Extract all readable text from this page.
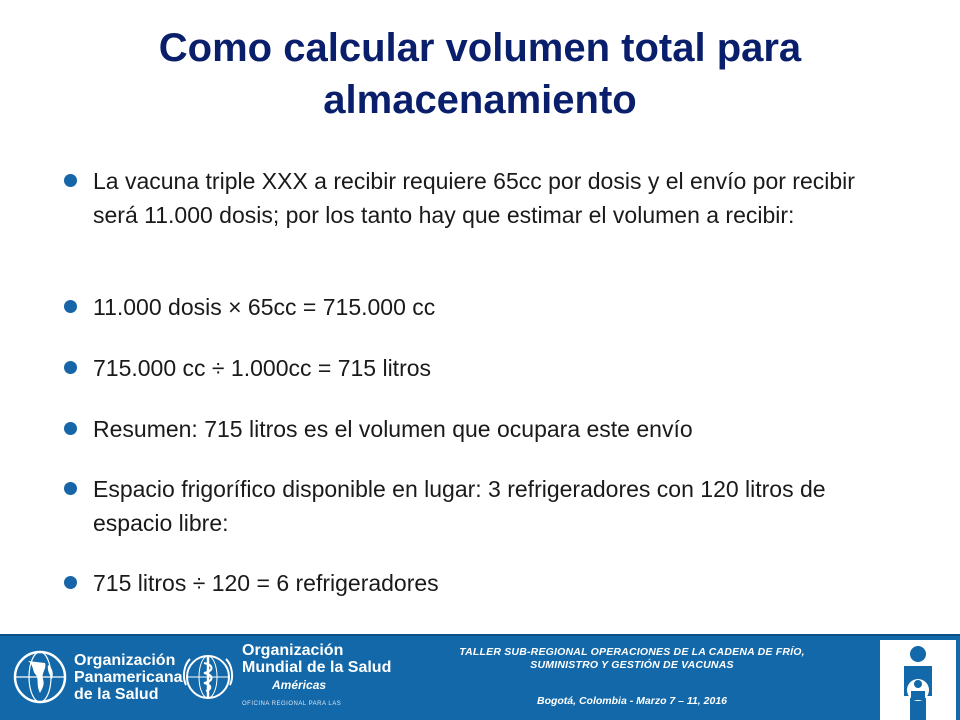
Como calcular volumen total para almacenamiento
La vacuna triple XXX a recibir requiere 65cc por dosis y el envío por recibir será 11.000 dosis; por los tanto hay que estimar el volumen a recibir:
11.000 dosis × 65cc = 715.000 cc
715.000 cc ÷ 1.000cc = 715 litros
Resumen: 715 litros es el volumen que ocupara este envío
Espacio frigorífico disponible en lugar: 3 refrigeradores con 120 litros de espacio libre:
715 litros ÷ 120 = 6 refrigeradores
Organización
Panamericana
de la Salud
Organización
Mundial de la Salud
Américas
OFICINA REGIONAL PARA LAS
TALLER SUB-REGIONAL OPERACIONES DE LA CADENA DE FRÍO,
SUMINISTRO Y GESTIÓN DE VACUNAS
Bogotá, Colombia - Marzo 7 – 11, 2016
